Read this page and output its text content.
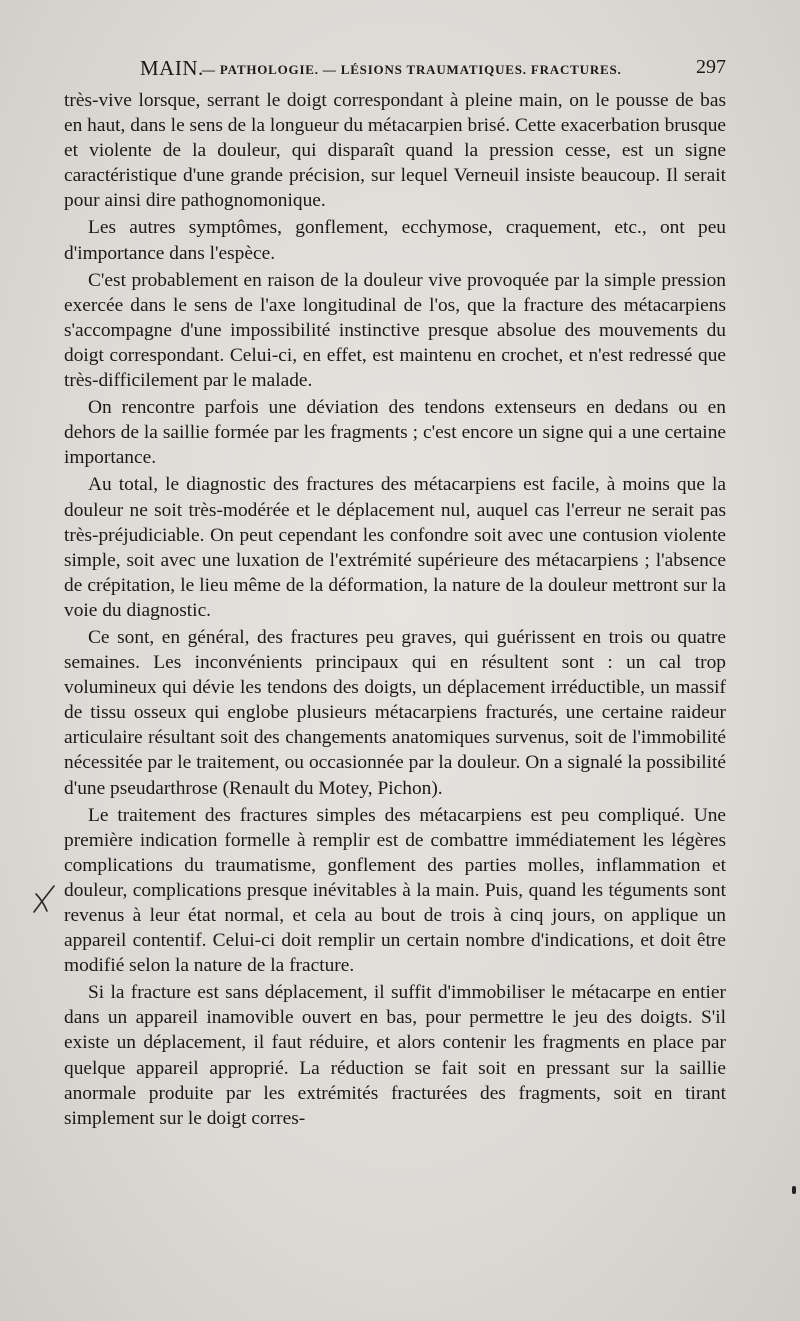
MAIN.
— PATHOLOGIE. — LÉSIONS TRAUMATIQUES. FRACTURES.	297

très-vive lorsque, serrant le doigt correspondant à pleine main, on le pousse de bas en haut, dans le sens de la longueur du métacarpien brisé. Cette exacerbation brusque et violente de la douleur, qui disparaît quand la pression cesse, est un signe caractéristique d'une grande précision, sur lequel Verneuil insiste beaucoup. Il serait pour ainsi dire pathognomonique.

Les autres symptômes, gonflement, ecchymose, craquement, etc., ont peu d'importance dans l'espèce.

C'est probablement en raison de la douleur vive provoquée par la simple pression exercée dans le sens de l'axe longitudinal de l'os, que la fracture des métacarpiens s'accompagne d'une impossibilité instinctive presque absolue des mouvements du doigt correspondant. Celui-ci, en effet, est maintenu en crochet, et n'est redressé que très-difficilement par le malade.

On rencontre parfois une déviation des tendons extenseurs en dedans ou en dehors de la saillie formée par les fragments ; c'est encore un signe qui a une certaine importance.

Au total, le diagnostic des fractures des métacarpiens est facile, à moins que la douleur ne soit très-modérée et le déplacement nul, auquel cas l'erreur ne serait pas très-préjudiciable. On peut cependant les confondre soit avec une contusion violente simple, soit avec une luxation de l'extrémité supérieure des métacarpiens ; l'absence de crépitation, le lieu même de la déformation, la nature de la douleur mettront sur la voie du diagnostic.

Ce sont, en général, des fractures peu graves, qui guérissent en trois ou quatre semaines. Les inconvénients principaux qui en résultent sont : un cal trop volumineux qui dévie les tendons des doigts, un déplacement irréductible, un massif de tissu osseux qui englobe plusieurs métacarpiens fracturés, une certaine raideur articulaire résultant soit des changements anatomiques survenus, soit de l'immobilité nécessitée par le traitement, ou occasionnée par la douleur. On a signalé la possibilité d'une pseudarthrose (Renault du Motey, Pichon).

Le traitement des fractures simples des métacarpiens est peu compliqué. Une première indication formelle à remplir est de combattre immédiatement les légères complications du traumatisme, gonflement des parties molles, inflammation et douleur, complications presque inévitables à la main. Puis, quand les téguments sont revenus à leur état normal, et cela au bout de trois à cinq jours, on applique un appareil contentif. Celui-ci doit remplir un certain nombre d'indications, et doit être modifié selon la nature de la fracture.

Si la fracture est sans déplacement, il suffit d'immobiliser le métacarpe en entier dans un appareil inamovible ouvert en bas, pour permettre le jeu des doigts. S'il existe un déplacement, il faut réduire, et alors contenir les fragments en place par quelque appareil approprié. La réduction se fait soit en pressant sur la saillie anormale produite par les extrémités fracturées des fragments, soit en tirant simplement sur le doigt corres-
